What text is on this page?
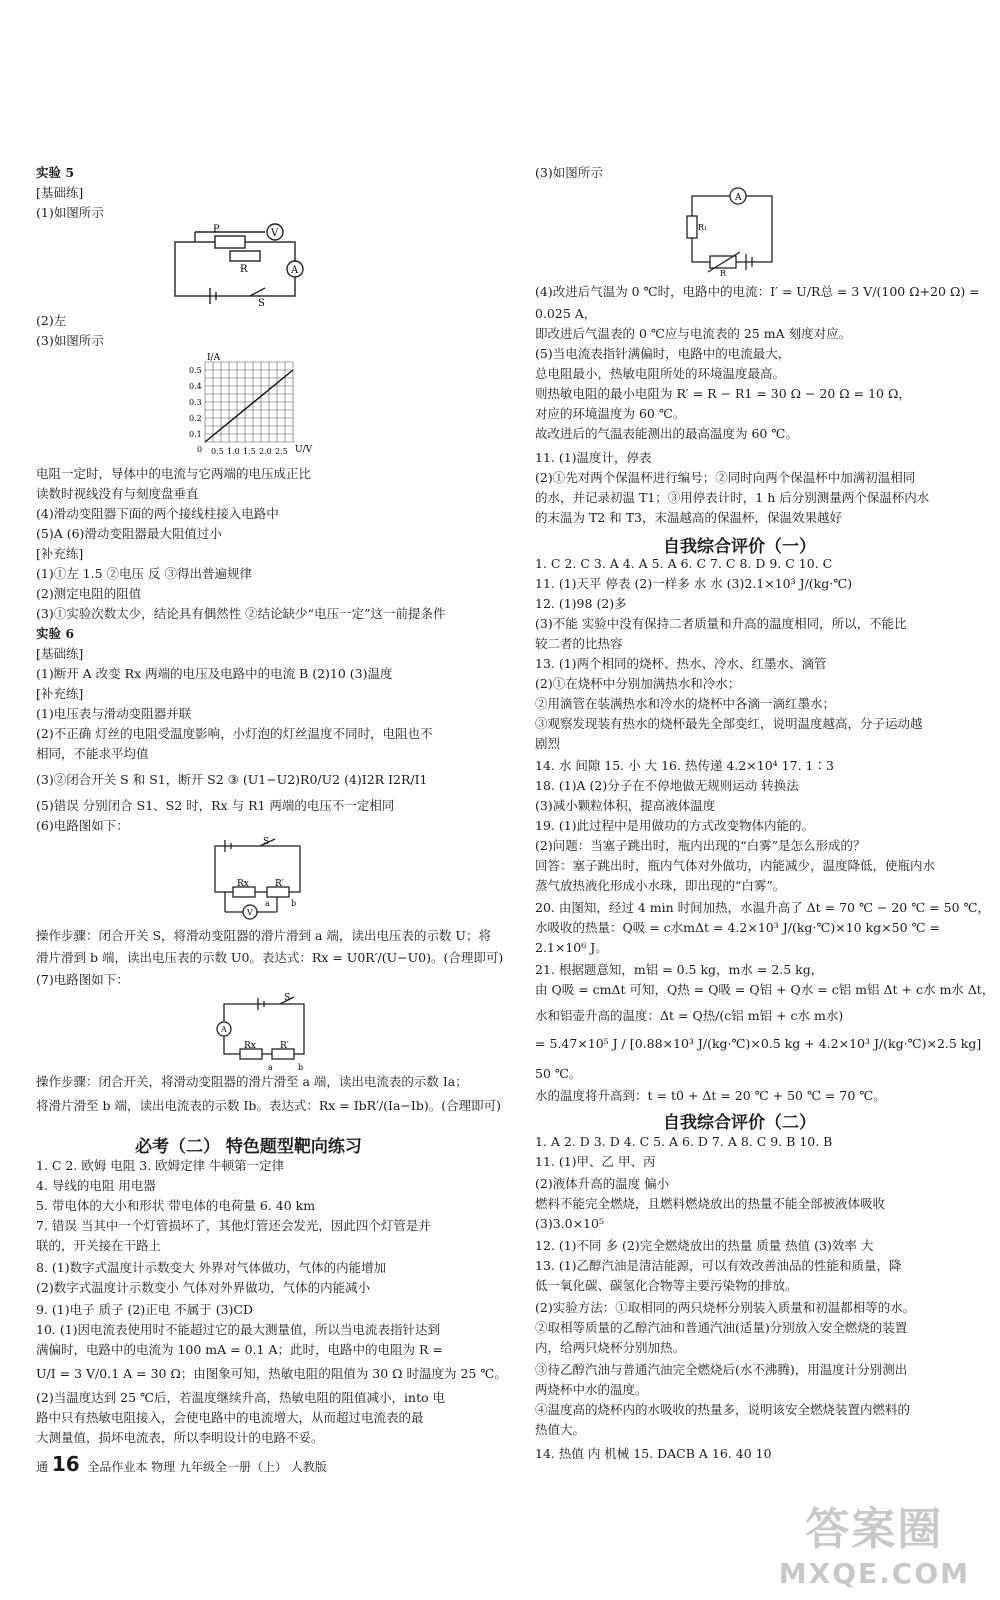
实验 5
[基础练]
(1)如图所示
(2)左
(3)如图所示
电阻一定时，导体中的电流与它两端的电压成正比
读数时视线没有与刻度盘垂直
(4)滑动变阻器下面的两个接线柱接入电路中
(5)A (6)滑动变阻器最大阻值过小
[补充练]
(1)①左 1.5 ②电压 反 ③得出普遍规律
(2)测定电阻的阻值
(3)①实验次数太少，结论具有偶然性 ②结论缺少“电压一定”这一前提条件
实验 6
[基础练]
(1)断开 A 改变 Rx 两端的电压及电路中的电流 B (2)10 (3)温度
[补充练]
(1)电压表与滑动变阻器并联
(2)不正确 灯丝的电阻受温度影响，小灯泡的灯丝温度不同时，电阻也不
相同，不能求平均值
(3)②闭合开关 S 和 S1，断开 S2 ③ (U1−U2)R0/U2 (4)I2R I2R/I1
(5)错误 分别闭合 S1、S2 时，Rx 与 R1 两端的电压不一定相同
(6)电路图如下：
操作步骤：闭合开关 S，将滑动变阻器的滑片滑到 a 端，读出电压表的示数 U；将
滑片滑到 b 端，读出电压表的示数 U0。表达式：Rx = U0R′/(U−U0)。(合理即可)
(7)电路图如下：
操作步骤：闭合开关，将滑动变阻器的滑片滑至 a 端，读出电流表的示数 Ia；
将滑片滑至 b 端，读出电流表的示数 Ib。表达式：Rx = IbR′/(Ia−Ib)。(合理即可)
1. C 2. 欧姆 电阻 3. 欧姆定律 牛顿第一定律
4. 导线的电阻 用电器
5. 带电体的大小和形状 带电体的电荷量 6. 40 km
7. 错误 当其中一个灯管损坏了，其他灯管还会发光，因此四个灯管是并
联的，开关接在干路上
8. (1)数字式温度计示数变大 外界对气体做功，气体的内能增加
(2)数字式温度计示数变小 气体对外界做功，气体的内能减小
9. (1)电子 质子 (2)正电 不属于 (3)CD
10. (1)因电流表使用时不能超过它的最大测量值，所以当电流表指针达到
满偏时，电路中的电流为 100 mA = 0.1 A；此时，电路中的电阻为 R =
U/I = 3 V/0.1 A = 30 Ω；由图象可知，热敏电阻的阻值为 30 Ω 时温度为 25 ℃。
(2)当温度达到 25 ℃后，若温度继续升高，热敏电阻的阻值减小，into 电
路中只有热敏电阻接入，会使电路中的电流增大，从而超过电流表的最
大测量值，损坏电流表，所以李明设计的电路不妥。
必考（二） 特色题型靶向练习
P	V
R	A
S
I/A
U/V
0.5
0.4
0.3
0.2
0.1
0 0.5 1.0 1.5 2.0 2.5
S
Rx	R′
V
a	b
A
S
Rx	R′
a	b
(3)如图所示
(4)改进后气温为 0 ℃时，电路中的电流：I′ = U/R总 = 3 V/(100 Ω+20 Ω) =
0.025 A，
即改进后气温表的 0 ℃应与电流表的 25 mA 刻度对应。
(5)当电流表指针满偏时，电路中的电流最大，
总电阻最小，热敏电阻所处的环境温度最高。
则热敏电阻的最小电阻为 R′ = R − R1 = 30 Ω − 20 Ω = 10 Ω，
对应的环境温度为 60 ℃。
故改进后的气温表能测出的最高温度为 60 ℃。
11. (1)温度计，停表
(2)①先对两个保温杯进行编号；②同时向两个保温杯中加满初温相同
的水，并记录初温 T1；③用停表计时，1 h 后分别测量两个保温杯内水
的末温为 T2 和 T3，末温越高的保温杯，保温效果越好
1. C 2. C 3. A 4. A 5. A 6. C 7. C 8. D 9. C 10. C
11. (1)天平 停表 (2)一样多 水 水 (3)2.1×10³ J/(kg·℃)
12. (1)98 (2)多
(3)不能 实验中没有保持二者质量和升高的温度相同，所以，不能比
较二者的比热容
13. (1)两个相同的烧杯、热水、冷水、红墨水、滴管
(2)①在烧杯中分别加满热水和冷水；
②用滴管在装满热水和冷水的烧杯中各滴一滴红墨水；
③观察发现装有热水的烧杯最先全部变红，说明温度越高，分子运动越
剧烈
14. 水 间隙 15. 小 大 16. 热传递 4.2×10⁴ 17. 1∶3
18. (1)A (2)分子在不停地做无规则运动 转换法
(3)减小颗粒体积，提高液体温度
19. (1)此过程中是用做功的方式改变物体内能的。
(2)问题：当塞子跳出时，瓶内出现的“白雾”是怎么形成的？
回答：塞子跳出时，瓶内气体对外做功，内能减少，温度降低，使瓶内水
蒸气放热液化形成小水珠，即出现的“白雾”。
20. 由图知，经过 4 min 时间加热，水温升高了 Δt = 70 ℃ − 20 ℃ = 50 ℃，
水吸收的热量：Q吸 = c水mΔt = 4.2×10³ J/(kg·℃)×10 kg×50 ℃ =
2.1×10⁶ J。
21. 根据题意知，m铝 = 0.5 kg，m水 = 2.5 kg，
由 Q吸 = cmΔt 可知，Q热 = Q吸 = Q铝 + Q水 = c铝 m铝 Δt + c水 m水 Δt，
水和铝壶升高的温度：Δt = Q热/(c铝 m铝 + c水 m水)
= 5.47×10⁵ J / [0.88×10³ J/(kg·℃)×0.5 kg + 4.2×10³ J/(kg·℃)×2.5 kg]
50 ℃。
水的温度将升高到：t = t0 + Δt = 20 ℃ + 50 ℃ = 70 ℃。
1. A 2. D 3. D 4. C 5. A 6. D 7. A 8. C 9. B 10. B
11. (1)甲、乙 甲、丙
(2)液体升高的温度 偏小
燃料不能完全燃烧，且燃料燃烧放出的热量不能全部被液体吸收
(3)3.0×10⁵
12. (1)不同 多 (2)完全燃烧放出的热量 质量 热值 (3)效率 大
13. (1)乙醇汽油是清洁能源，可以有效改善油品的性能和质量，降
低一氧化碳、碳氢化合物等主要污染物的排放。
(2)实验方法：①取相同的两只烧杯分别装入质量和初温都相等的水。
②取相等质量的乙醇汽油和普通汽油(适量)分别放入安全燃烧的装置
内，给两只烧杯分别加热。
③待乙醇汽油与普通汽油完全燃烧后(水不沸腾)，用温度计分别测出
两烧杯中水的温度。
④温度高的烧杯内的水吸收的热量多，说明该安全燃烧装置内燃料的
热值大。
14. 热值 内 机械 15. DACB A 16. 40 10
自我综合评价（一）
自我综合评价（二）
A
R₁
R
通 16 全品作业本 物理 九年级全一册（上） 人教版
答案圈
MXQE.COM
